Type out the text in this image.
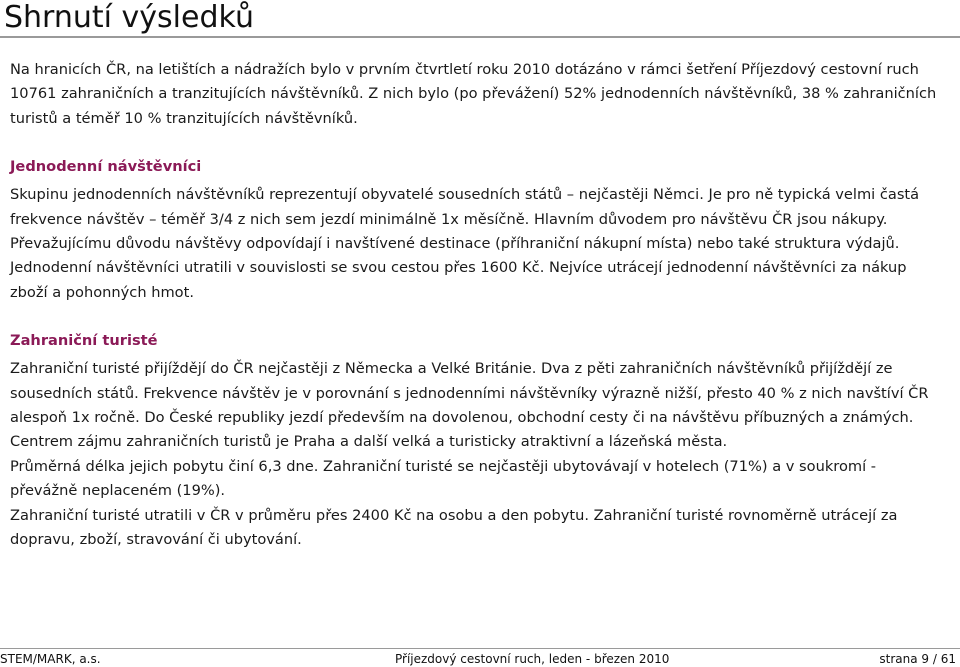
Shrnutí výsledků

Na hranicích ČR, na letištích a nádražích bylo v prvním čtvrtletí roku 2010 dotázáno v rámci šetření Příjezdový cestovní ruch 10761 zahraničních a tranzitujících návštěvníků. Z nich bylo (po převážení) 52% jednodenních návštěvníků, 38 % zahraničních turistů a téměř 10 % tranzitujících návštěvníků.

Jednodenní návštěvníci

Skupinu jednodenních návštěvníků reprezentují obyvatelé sousedních států – nejčastěji Němci. Je pro ně typická velmi častá frekvence návštěv – téměř 3/4 z nich sem jezdí minimálně 1x měsíčně. Hlavním důvodem pro návštěvu ČR jsou nákupy.

Převažujícímu důvodu návštěvy odpovídají i navštívené destinace (příhraniční nákupní místa) nebo také struktura výdajů.

Jednodenní návštěvníci utratili v souvislosti se svou cestou přes 1600 Kč. Nejvíce utrácejí jednodenní návštěvníci za nákup zboží a pohonných hmot.

Zahraniční turisté

Zahraniční turisté přijíždějí do ČR nejčastěji z Německa a Velké Británie. Dva z pěti zahraničních návštěvníků přijíždějí ze sousedních států. Frekvence návštěv je v porovnání s jednodenními návštěvníky výrazně nižší, přesto 40 % z nich navštíví ČR alespoň 1x ročně. Do České republiky jezdí především na dovolenou, obchodní cesty či na návštěvu příbuzných a známých.

Centrem zájmu zahraničních turistů je Praha a další velká a turisticky atraktivní a lázeňská města.

Průměrná délka jejich pobytu činí 6,3 dne. Zahraniční turisté se nejčastěji ubytovávají v hotelech (71%) a v soukromí - převážně neplaceném (19%).

Zahraniční turisté utratili v ČR v průměru přes 2400 Kč na osobu a den pobytu. Zahraniční turisté rovnoměrně utrácejí za dopravu, zboží, stravování či ubytování.

STEM/MARK, a.s.	Příjezdový cestovní ruch, leden - březen 2010	strana 9 / 61
